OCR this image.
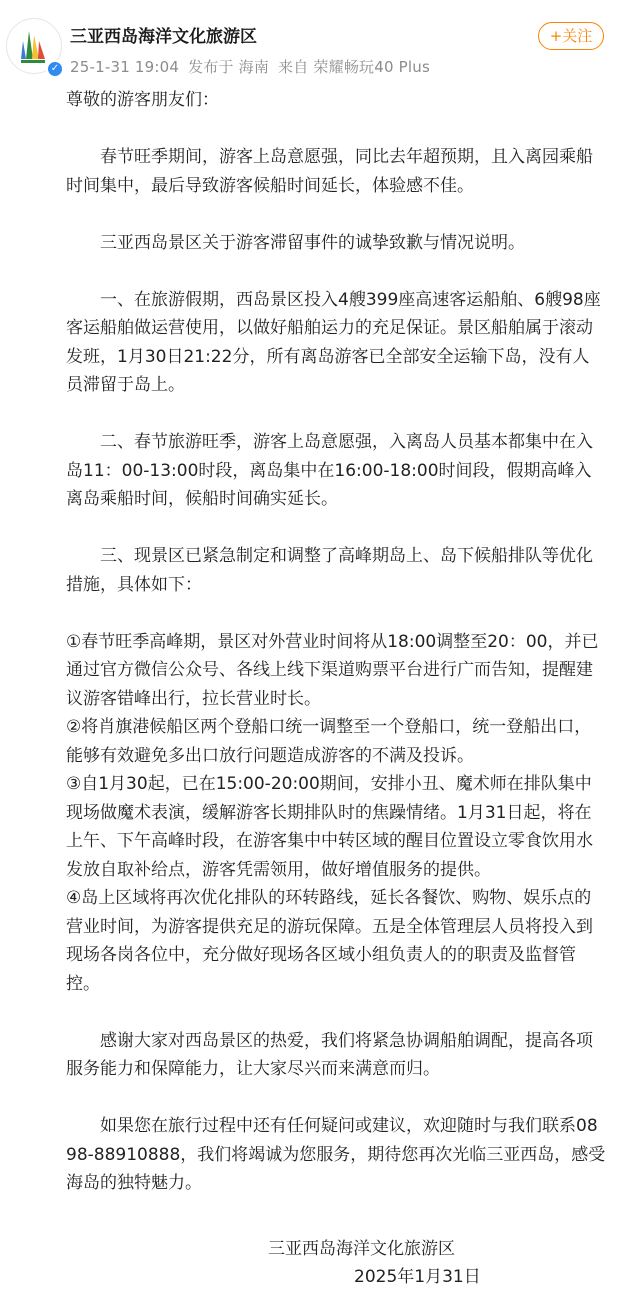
✓
三亚西岛海洋文化旅游区
25-1-31 19:04 发布于 海南 来自 荣耀畅玩40 Plus
+关注

尊敬的游客朋友们：

春节旺季期间，游客上岛意愿强，同比去年超预期，且入离园乘船时间集中，最后导致游客候船时间延长，体验感不佳。

三亚西岛景区关于游客滞留事件的诚挚致歉与情况说明。

一、在旅游假期，西岛景区投入4艘399座高速客运船舶、6艘98座客运船舶做运营使用，以做好船舶运力的充足保证。景区船舶属于滚动发班，1月30日21:22分，所有离岛游客已全部安全运输下岛，没有人员滞留于岛上。

二、春节旅游旺季，游客上岛意愿强，入离岛人员基本都集中在入岛11：00-13:00时段，离岛集中在16:00-18:00时间段，假期高峰入离岛乘船时间，候船时间确实延长。

三、现景区已紧急制定和调整了高峰期岛上、岛下候船排队等优化措施，具体如下：

①春节旺季高峰期，景区对外营业时间将从18:00调整至20：00，并已通过官方微信公众号、各线上线下渠道购票平台进行广而告知，提醒建议游客错峰出行，拉长营业时长。

②将肖旗港候船区两个登船口统一调整至一个登船口，统一登船出口，能够有效避免多出口放行问题造成游客的不满及投诉。

③自1月30起，已在15:00-20:00期间，安排小丑、魔术师在排队集中现场做魔术表演，缓解游客长期排队时的焦躁情绪。1月31日起，将在上午、下午高峰时段，在游客集中中转区域的醒目位置设立零食饮用水发放自取补给点，游客凭需领用，做好增值服务的提供。

④岛上区域将再次优化排队的环转路线，延长各餐饮、购物、娱乐点的营业时间，为游客提供充足的游玩保障。五是全体管理层人员将投入到现场各岗各位中，充分做好现场各区域小组负责人的的职责及监督管控。

感谢大家对西岛景区的热爱，我们将紧急协调船舶调配，提高各项服务能力和保障能力，让大家尽兴而来满意而归。

如果您在旅行过程中还有任何疑问或建议，欢迎随时与我们联系0898-88910888，我们将竭诚为您服务，期待您再次光临三亚西岛，感受海岛的独特魅力。

三亚西岛海洋文化旅游区
2025年1月31日
